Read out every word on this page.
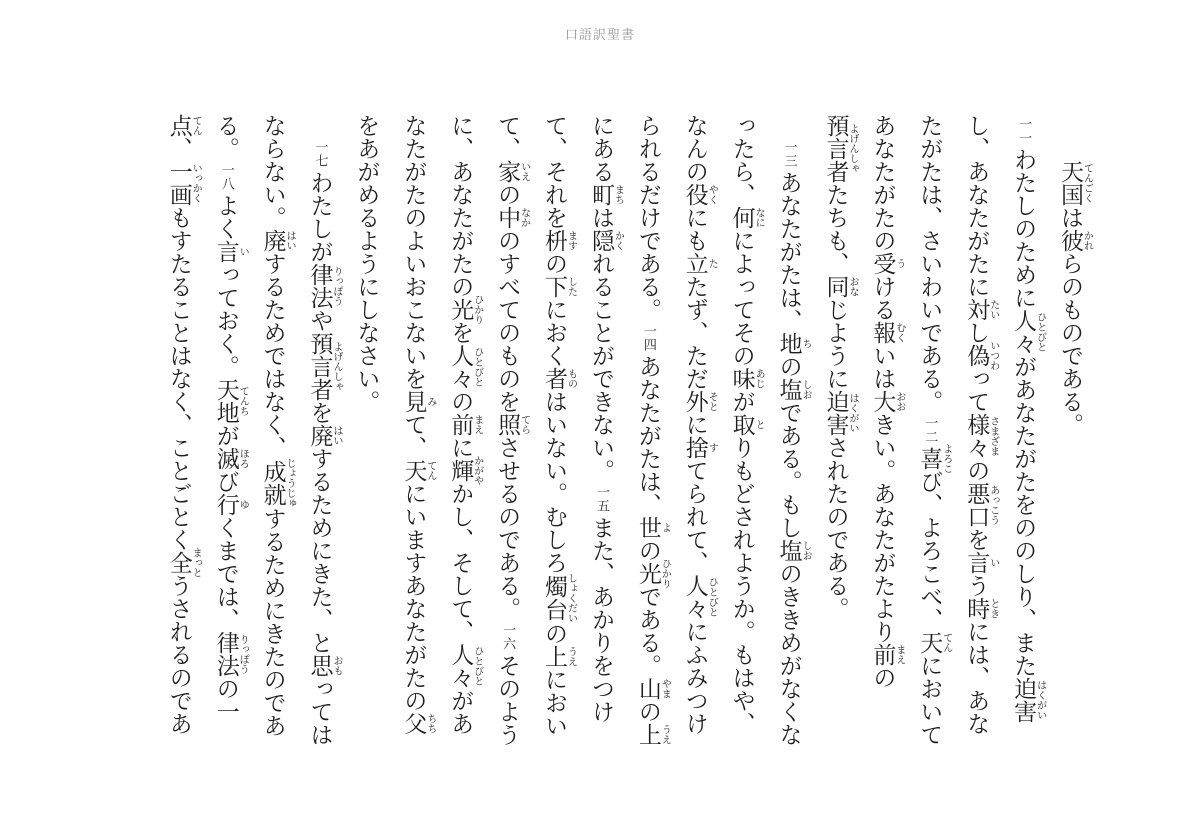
口語訳聖書

天国てんごくは彼かれらのものである。

一一わたしのために人々ひとびとがあなたがたをののしり、また迫害はくがいし、あなたがたに対たいし偽いつわって様々さまざまの悪口あっこうを言いう時ときには、あなたがたは、さいわいである。一二喜よろこび、よろこべ、天てんにおいてあなたがたの受うける報むくいは大おおきい。あなたがたより前まえの預言者よげんしゃたちも、同おなじように迫害はくがいされたのである。

一三あなたがたは、地ちの塩しおである。もし塩しおのききめがなくなったら、何なにによってその味あじが取とりもどされようか。もはや、なんの役やくにも立たたず、ただ外そとに捨すてられて、人々ひとびとにふみつけられるだけである。一四あなたがたは、世よの光ひかりである。山やまの上うえにある町まちは隠かくれることができない。一五また、あかりをつけて、それを枡ますの下したにおく者ものはいない。むしろ燭台しょくだいの上うえにおいて、家いえの中なかのすべてのものを照てらさせるのである。一六そのように、あなたがたの光ひかりを人々ひとびとの前まえに輝かがやかし、そして、人々ひとびとがあなたがたのよいおこないを見みて、天てんにいますあなたがたの父ちちをあがめるようにしなさい。

一七わたしが律法りっぽうや預言者よげんしゃを廃はいするためにきた、と思おもってはならない。廃はいするためではなく、成就じょうじゅするためにきたのである。一八よく言いっておく。天地てんちが滅ほろび行ゆくまでは、律法りっぽうの一点てん、一画いっかくもすたることはなく、ことごとく全まっとうされるのであ
